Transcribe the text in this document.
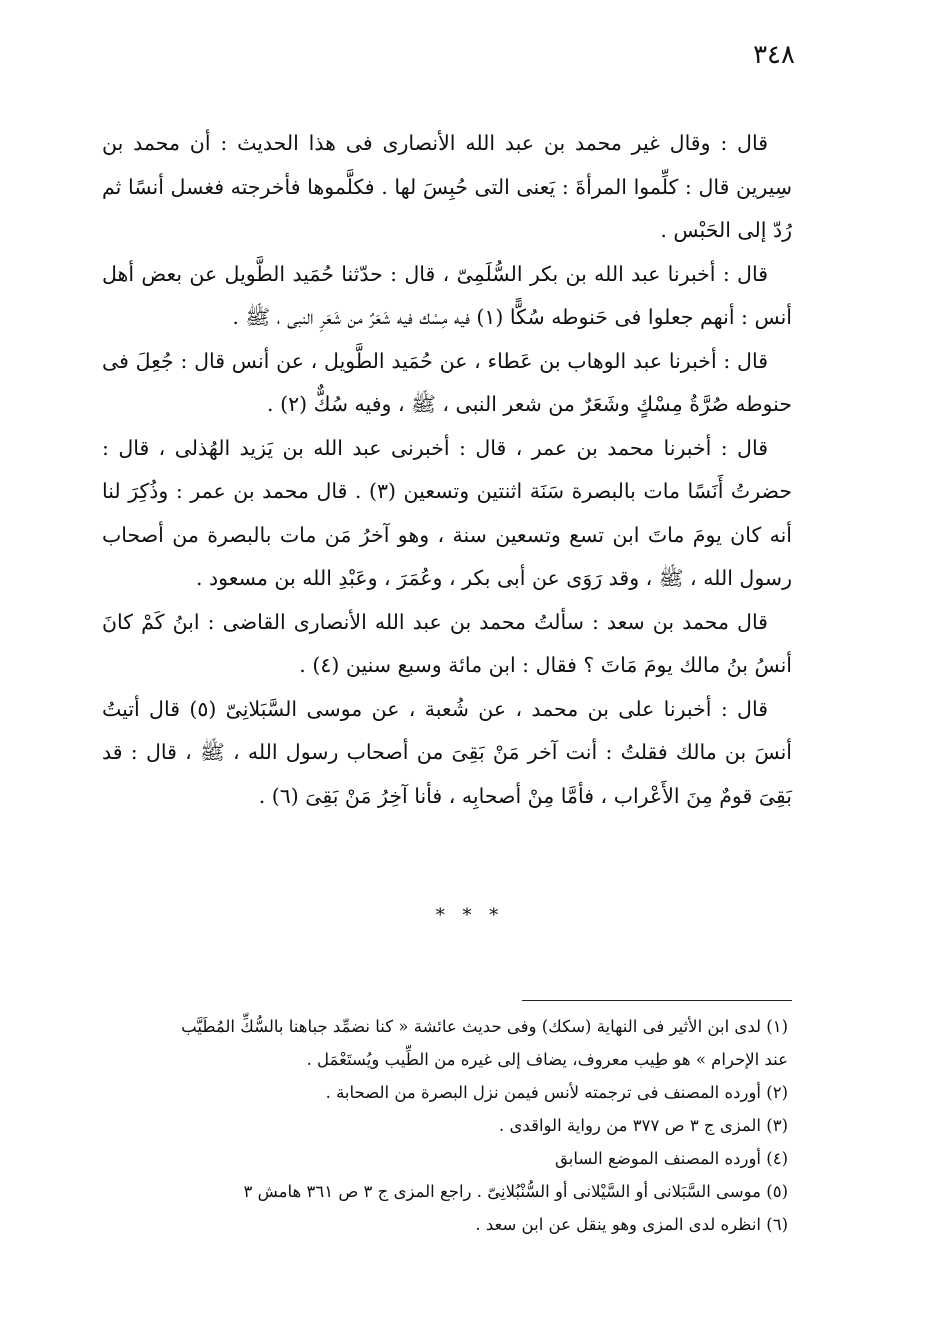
٣٤٨

قال : وقال غير محمد بن عبد الله الأنصارى فى هذا الحديث : أن محمد بن سِيرين قال : كلِّموا المرأةَ : يَعنى التى حُبِسَ لها . فكلَّموها فأخرجته فغسل أنسًا ثم رُدّ إلى الحَبْس .

قال : أخبرنا عبد الله بن بكر السُّلَمِىّ ، قال : حدّثنا حُمَيد الطَّويل عن بعض أهل أنس : أنهم جعلوا فى حَنوطه سُكًّا (١) فيه مِسْك فيه شَعَرٌ من شَعَرِ النبى ، ﷺ .

قال : أخبرنا عبد الوهاب بن عَطاء ، عن حُمَيد الطَّويل ، عن أنس قال : جُعِلَ فى حنوطه صُرَّةُ مِسْكٍ وشَعَرٌ من شعر النبى ، ﷺ ، وفيه سُكٌّ (٢) .

قال : أخبرنا محمد بن عمر ، قال : أخبرنى عبد الله بن يَزيد الهُذلى ، قال : حضرتُ أَنَسًا مات بالبصرة سَنَة اثنتين وتسعين (٣) . قال محمد بن عمر : وذُكِرَ لنا أنه كان يومَ ماتَ ابن تسع وتسعين سنة ، وهو آخرُ مَن مات بالبصرة من أصحاب رسول الله ، ﷺ ، وقد رَوَى عن أبى بكر ، وعُمَرَ ، وعَبْدِ الله بن مسعود .

قال محمد بن سعد : سألتُ محمد بن عبد الله الأنصارى القاضى : ابنُ كَمْ كانَ أنسُ بنُ مالك يومَ مَاتَ ؟ فقال : ابن مائة وسبع سنين (٤) .

قال : أخبرنا على بن محمد ، عن شُعبة ، عن موسى السَّبَلانِىّ (٥) قال أتيتُ أنسَ بن مالك فقلتُ : أنت آخر مَنْ بَقِىَ من أصحاب رسول الله ، ﷺ ، قال : قد بَقِىَ قومٌ مِنَ الأَعْراب ، فأمَّا مِنْ أصحابِه ، فأنا آخِرُ مَنْ بَقِىَ (٦) .

* * *

(١) لدى ابن الأثير فى النهاية (سكك) وفى حديث عائشة « كنا نضمِّد جباهنا بالسُّكِّ المُطَيَّب

عند الإحرام » هو طِيب معروف، يضاف إلى غيره من الطِّيب ويُستَعْمَل .

(٢) أورده المصنف فى ترجمته لأنس فيمن نزل البصرة من الصحابة .

(٣) المزى ج ٣ ص ٣٧٧ من رواية الواقدى .

(٤) أورده المصنف الموضع السابق

(٥) موسى السَّبَلانى أو السَّيْلانى أو السُّنْبُلانِىّ . راجع المزى ج ٣ ص ٣٦١ هامش ٣

(٦) انظره لدى المزى وهو ينقل عن ابن سعد .
